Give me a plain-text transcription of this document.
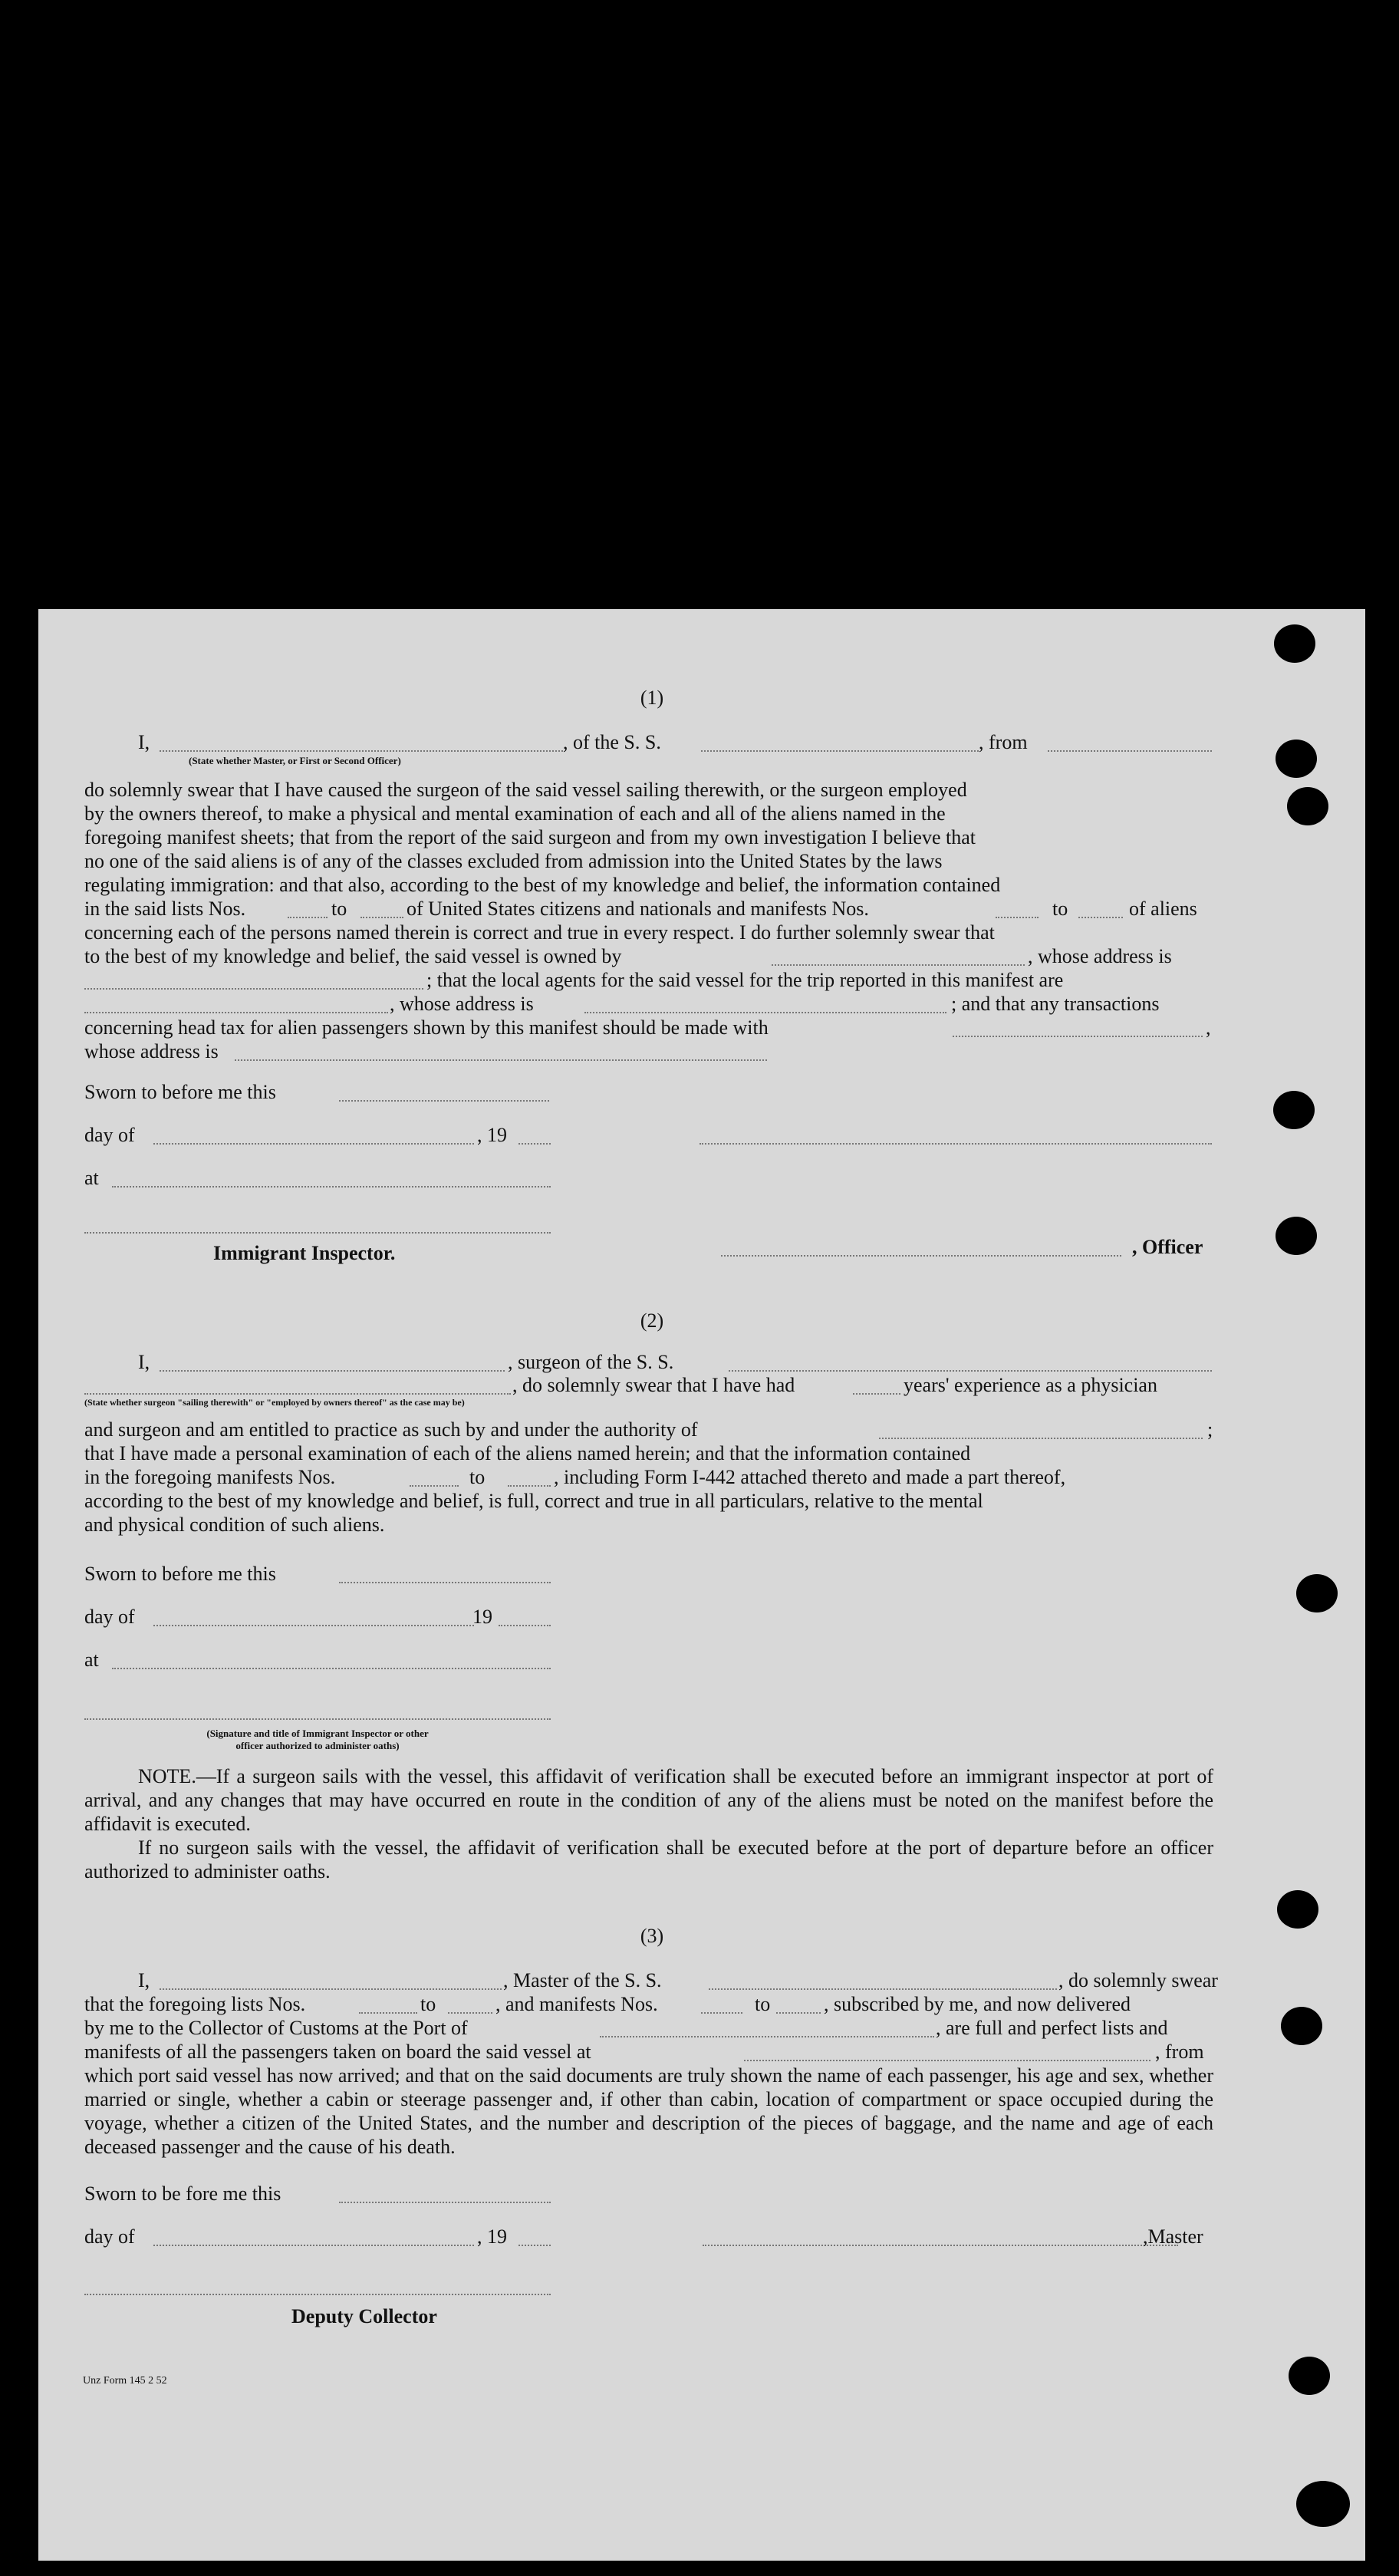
(1)
I,	, of the S. S.	, from
(State whether Master, or First or Second Officer)
do solemnly swear that I have caused the surgeon of the said vessel sailing therewith, or the surgeon employed
by the owners thereof, to make a physical and mental examination of each and all of the aliens named in the
foregoing manifest sheets; that from the report of the said surgeon and from my own investigation I believe that
no one of the said aliens is of any of the classes excluded from admission into the United States by the laws
regulating immigration: and that also, according to the best of my knowledge and belief, the information contained
in the said lists Nos.	to	of United States citizens and nationals and manifests Nos.	to	of aliens
concerning each of the persons named therein is correct and true in every respect. I do further solemnly swear that
to the best of my knowledge and belief, the said vessel is owned by	, whose address is
; that the local agents for the said vessel for the trip reported in this manifest are
, whose address is	; and that any transactions
concerning head tax for alien passengers shown by this manifest should be made with	,
whose address is
Sworn to before me this
day of	, 19
at
Immigrant Inspector.	, Officer
(2)
I,	, surgeon of the S. S.
, do solemnly swear that I have had	years' experience as a physician
(State whether surgeon "sailing therewith" or "employed by owners thereof" as the case may be)
and surgeon and am entitled to practice as such by and under the authority of	;
that I have made a personal examination of each of the aliens named herein; and that the information contained
in the foregoing manifests Nos.	to	, including Form I-442 attached thereto and made a part thereof,
according to the best of my knowledge and belief, is full, correct and true in all particulars, relative to the mental
and physical condition of such aliens.
Sworn to before me this
day of	19
at
(Signature and title of Immigrant Inspector or other
officer authorized to administer oaths)
NOTE.—If a surgeon sails with the vessel, this affidavit of verification shall be executed before an immigrant inspector at port of arrival, and any changes that may have occurred en route in the condition of any of the aliens must be noted on the manifest before the affidavit is executed.
If no surgeon sails with the vessel, the affidavit of verification shall be executed before at the port of departure before an officer authorized to administer oaths.
(3)
I,	, Master of the S. S.	, do solemnly swear
that the foregoing lists Nos.	to	, and manifests Nos.	to	, subscribed by me, and now delivered
by me to the Collector of Customs at the Port of	, are full and perfect lists and
manifests of all the passengers taken on board the said vessel at	, from
which port said vessel has now arrived; and that on the said documents are truly shown the name of each passenger, his age and sex, whether married or single, whether a cabin or steerage passenger and, if other than cabin, location of compartment or space occupied during the voyage, whether a citizen of the United States, and the number and description of the pieces of baggage, and the name and age of each deceased passenger and the cause of his death.
Sworn to be fore me this
day of	, 19	,Master
Deputy Collector
Unz Form 145 2 52
